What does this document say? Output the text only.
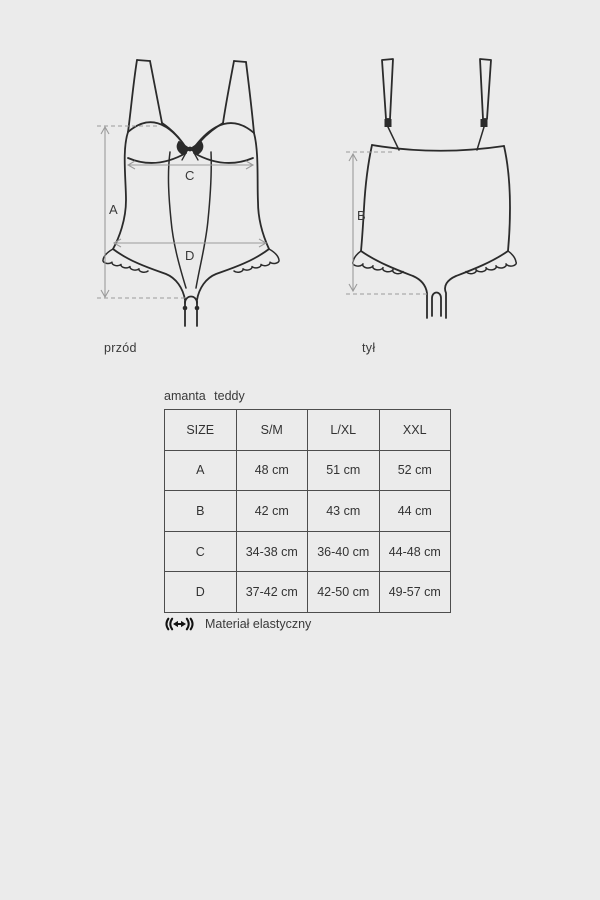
A
C
D
B
przód	tył
amanta teddy
SIZE	S/M	L/XL	XXL
A	48 cm	51 cm	52 cm
B	42 cm	43 cm	44 cm
C	34-38 cm	36-40 cm	44-48 cm
D	37-42 cm	42-50 cm	49-57 cm
Materiał elastyczny
